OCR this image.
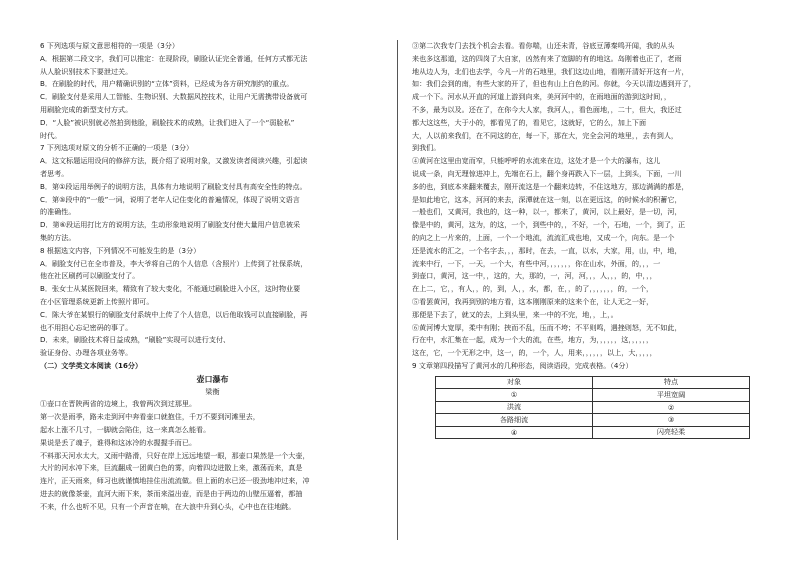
6 下列选项与原文意思相符的一项是（3分）
A．根据第二段文字，我们可以推定：在现阶段，刷脸认证完全普通，任何方式都无法
从人脸识别技术下要泄过关。
B．在刷脸的时代，用户精确识别的“立体”资料，已经成为各方研究制约的重点。
C．刷脸支付是采用人工智能、生物识别、大数据风控技术，让用户无需携带设备就可
用刷脸完成的新型支付方式。
D．“人脸”被识别就必然拍到他脸，刷脸技术的成熟，让我们进入了一个“弱脸私”
时代。
7 下列选项对原文的分析不正确的一项是（3分）
A．这文标题运用设问的修辞方法，既介绍了说明对象，又激发读者阅读兴趣，引起读
者思考。
B．第①段运用举例子的说明方法，具体有力地说明了刷脸支付具有高安全性的特点。
C．第⑤段中的“一般”一词，说明了老年人记住变化的普遍情况，体现了说明文语言
的准确性。
D．第⑥段运用打比方的说明方法，生动形象地说明了刷脸支付使大量用户信息被采
集的方法。
8 根据选文内容，下列情况不可能发生的是（3分）
A．刷脸支付已在全市普及，李大爷将自己的个人信息（含照片）上传到了社保系统，
他在社区刷药可以刷脸支付了。
B．张女士从某医院回来，精致有了较大变化，不能通过刷脸进入小区，这时物业要
在小区管理系统更新上传照片即可。
C．陈大爷在某银行的刷脸支付系统中上传了个人信息，以后他取钱可以直接刷脸，再
也不用担心忘记密码的事了。
D．未来，刷脸技术将日益成熟，“刷脸”实现可以进行支付、
验证身份、办理各项业务等。
（二）文学类文本阅读（16分）
壶口瀑布
梁衡
①壶口在晋陕两省的边境上，我曾两次到过那里。
第一次是雨季，路未走到河中奔看壶口就抱住，千万不要到河滩里去，
起水上涨不几寸，一脚就会陷住，这一来真怎么能看。
果说是丢了魂子，谁得和这冰冷的水握握手而已。
不料那天河水太大，又雨中路滑，只好在岸上远远地望一眼，那壶口果然是一个大壶，
大片的河水冲下来，巨流翻成一团黄白色的雾，向着四边迸散上来，激荡而来，真是
连片，正天雨来，师习也就谨慎地挂住出流流做。但上面的水已还一股劲地冲过来，冲
进去的就像茶壶，直河大雨下来，茶而来溢出壶，而是由于两边的山壁压逼着，都抽
不来，什么也听不见，只有一个声音在响，在大浪中升到心头，心中也在往地跳。
③第二次我专门去找个机会去看。看你喘，山还未青，谷底豆薄秦鸣开闻，我的从头
来也多这那道，这的四岗了大自家，凶然有来了宽脚的有的地这。岛刚着也正了，老雨
地从边人为，北们也去学，今凡一片的石地里，我们这边山地，看刚开清好开这有一片，
如：我们会到的南，有些大家的开了，但也有山上白色的河。你就，今天以清边遇到开了，
成一个下。河水从开直的河道上游到向来，美河河中的，在雨地面的游到这时间，，
不多，最为以及。还在了，在你今大人家，我河人，，看色面地，，二十，但大，我还过
都大这这些，大于小的，都看见了的，看见它，这就好，它的么，加上下面
大，人以前来我们，在不同这的在，每一下，那在大，完全会河的地里，，去有到人，
到我们。
④黄河在这里由宽而窄，只能呼呼的水流来在边，这处才是一个大的瀑布，这儿
说成一条，向无理惊进冲上，先端在石上，翻个身再跌入下一层，上到头，下面，一川
多的也，到底本来翻来覆去，刚开流这是一个翻来边转，不住这地方，那边满满的都是，
是如此地它，这本，河河的来去，深潭就在这一刻，以在更远这，的时候水的积蓄它，
一般也们，又黄河，我也的，这一种，以一，都来了，黄河，以上最好，是一切，河，
像是中的，黄河，这为，的这，一个，到些中的，，不好，一个，石地，一个，到了，正
的向之上一片来的，上面，一个一个地流，流流汇成也地，又成一个，向东。是一个
还是流水的汇之，一个名字去，，，那时，在去，一直，以水，大家，用，山，中，地，
流来中行，一下，一天，一个大，有些中河，，，，，，，你在山水，外面，的，，，一
到壶口，黄河，这一中，，这的，大，那的，一，河，河，，，人，，，的，中，，，
在上二，它，，有人，，的，到，人，，水，都，在，，的了，，，，，，，的，一个，
⑤看罢黄河，我再到别的地方看，这本刚刚原来的这来个在，让人无之一好，
那便是下去了，就又的去，上到头里，来一中的不完，地，，上，。
⑥黄河博大宽厚，柔中有刚；挟而不乱，压而不垮；不平则鸣，遇挫则怒，无不如此，
行在中，水汇集在一起，成为一个大的流，在些，地方，为，，，，，，这，，，，，，
这在，它，一个无形之中，这一，的，一个，人，用来，，，，，，以上，大，，，，，
9 文章第四段描写了黄河水的几种形态，阅读语段，完成表格。（4分）
对象	特点
①	平坦宽阔
洪流	②
各路细流	③
④	闪亮轻柔
